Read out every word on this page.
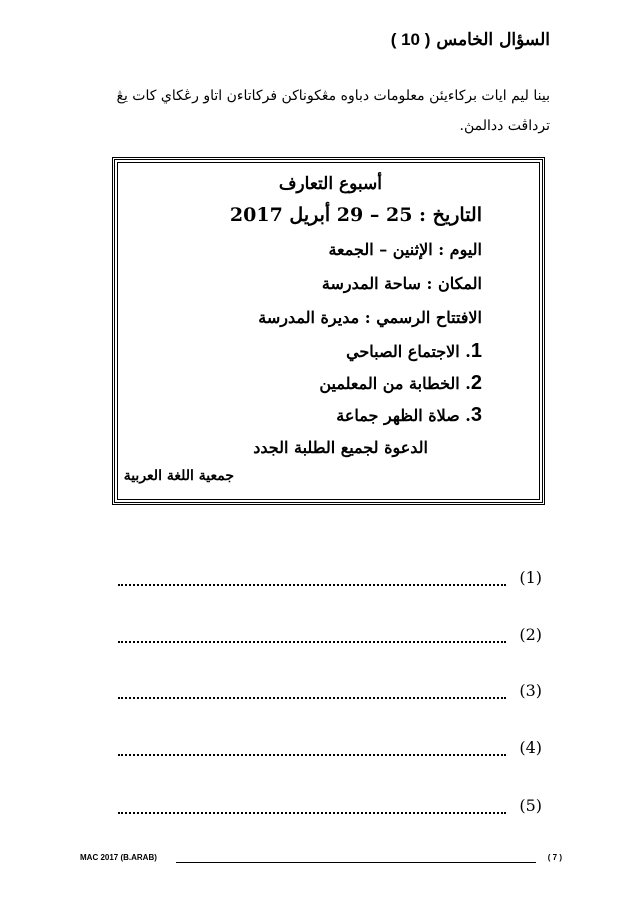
السؤال الخامس ( 10 )
بينا ليم ايات بركاءيئن معلومات دباوه مڠكوناكن فركاتاءن اتاو رڠكاي كات يڠ
ترداڤت ددالمڽ.
أسبوع التعارف
التاريخ : 25 – 29 أبريل 2017
اليوم : الإثنين – الجمعة
المكان : ساحة المدرسة
الافتتاح الرسمي : مديرة المدرسة
1. الاجتماع الصباحي
2. الخطابة من المعلمين
3. صلاة الظهر جماعة
الدعوة لجميع الطلبة الجدد
جمعية اللغة العربية
(1)
(2)
(3)
(4)
(5)
MAC 2017 (B.ARAB)	( 7 )
